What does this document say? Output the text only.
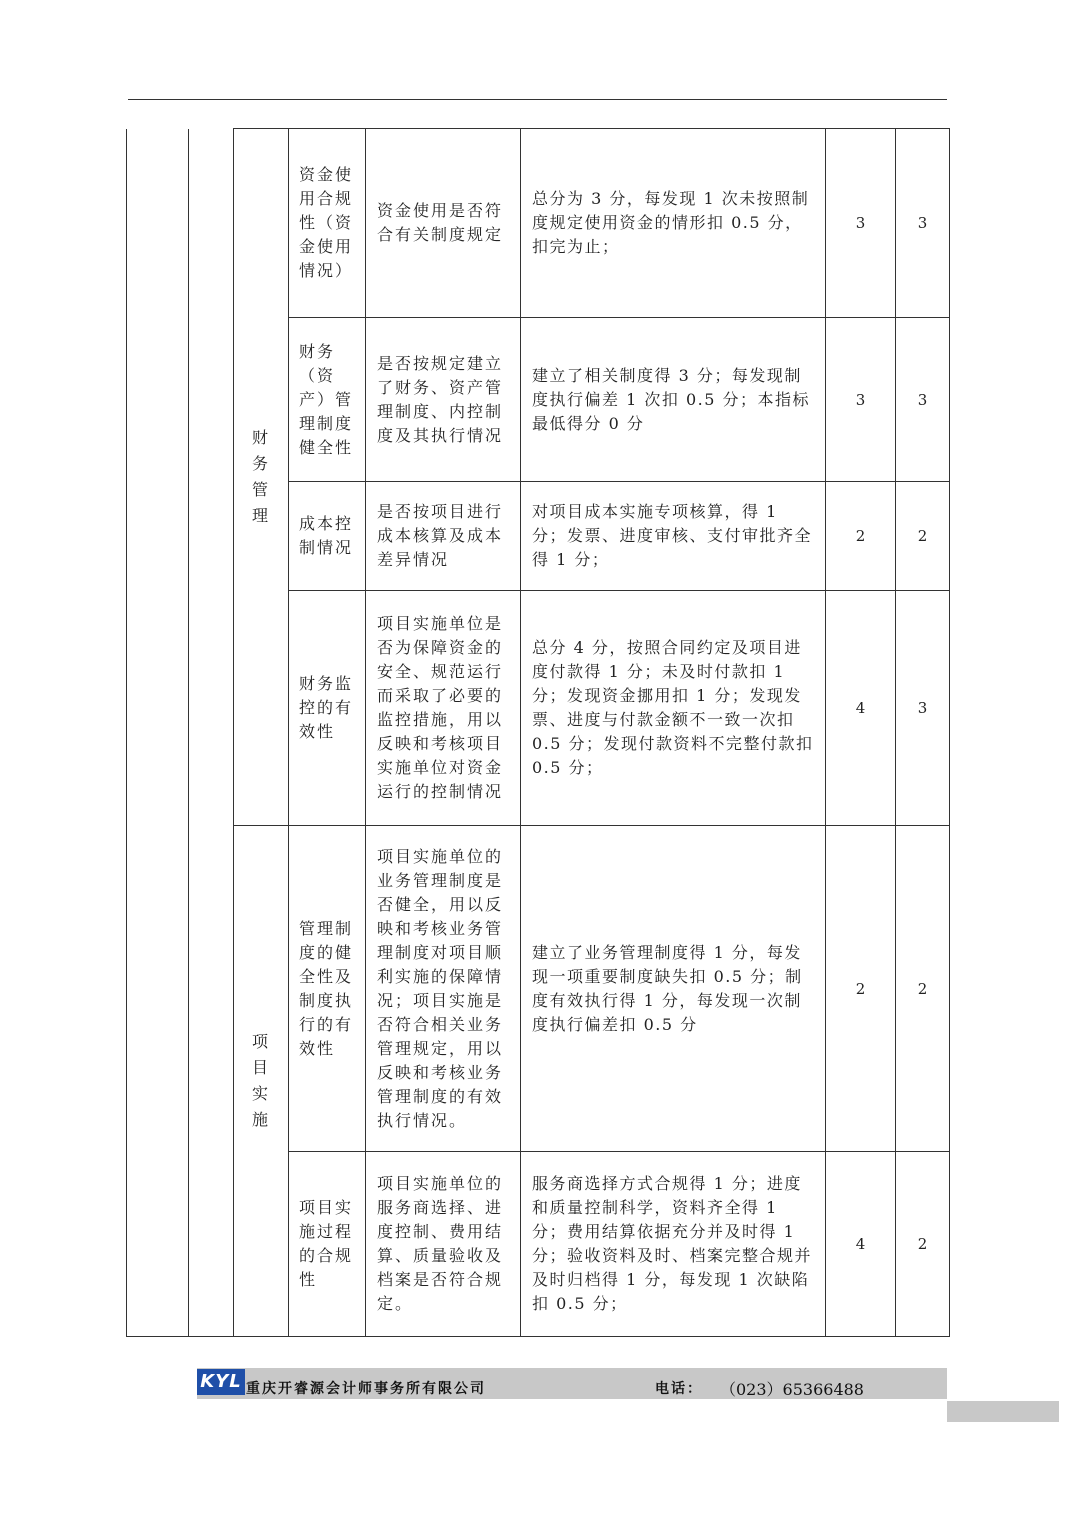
		财务管理	资金使用合规性（资金使用情况）	资金使用是否符合有关制度规定	总分为 3 分，每发现 1 次未按照制度规定使用资金的情形扣 0.5 分，扣完为止；	3	3
			财务（资产）管理制度健全性	是否按规定建立了财务、资产管理制度、内控制度及其执行情况	建立了相关制度得 3 分；每发现制度执行偏差 1 次扣 0.5 分；本指标最低得分 0 分	3	3
			成本控制情况	是否按项目进行成本核算及成本差异情况	对项目成本实施专项核算，得 1 分；发票、进度审核、支付审批齐全得 1 分；	2	2
			财务监控的有效性	项目实施单位是否为保障资金的安全、规范运行而采取了必要的监控措施，用以反映和考核项目实施单位对资金运行的控制情况	总分 4 分，按照合同约定及项目进度付款得 1 分；未及时付款扣 1 分；发现资金挪用扣 1 分；发现发票、进度与付款金额不一致一次扣 0.5 分；发现付款资料不完整付款扣 0.5 分；	4	3
		项目实施	管理制度的健全性及制度执行的有效性	项目实施单位的业务管理制度是否健全，用以反映和考核业务管理制度对项目顺利实施的保障情况；项目实施是否符合相关业务管理规定，用以反映和考核业务管理制度的有效执行情况。	建立了业务管理制度得 1 分，每发现一项重要制度缺失扣 0.5 分；制度有效执行得 1 分，每发现一次制度执行偏差扣 0.5 分	2	2
			项目实施过程的合规性	项目实施单位的服务商选择、进度控制、费用结算、质量验收及档案是否符合规定。	服务商选择方式合规得 1 分；进度和质量控制科学，资料齐全得 1 分；费用结算依据充分并及时得 1 分；验收资料及时、档案完整合规并及时归档得 1 分，每发现 1 次缺陷扣 0.5 分；	4	2
KYL 重庆开睿源会计师事务所有限公司	电话： （023）65366488
